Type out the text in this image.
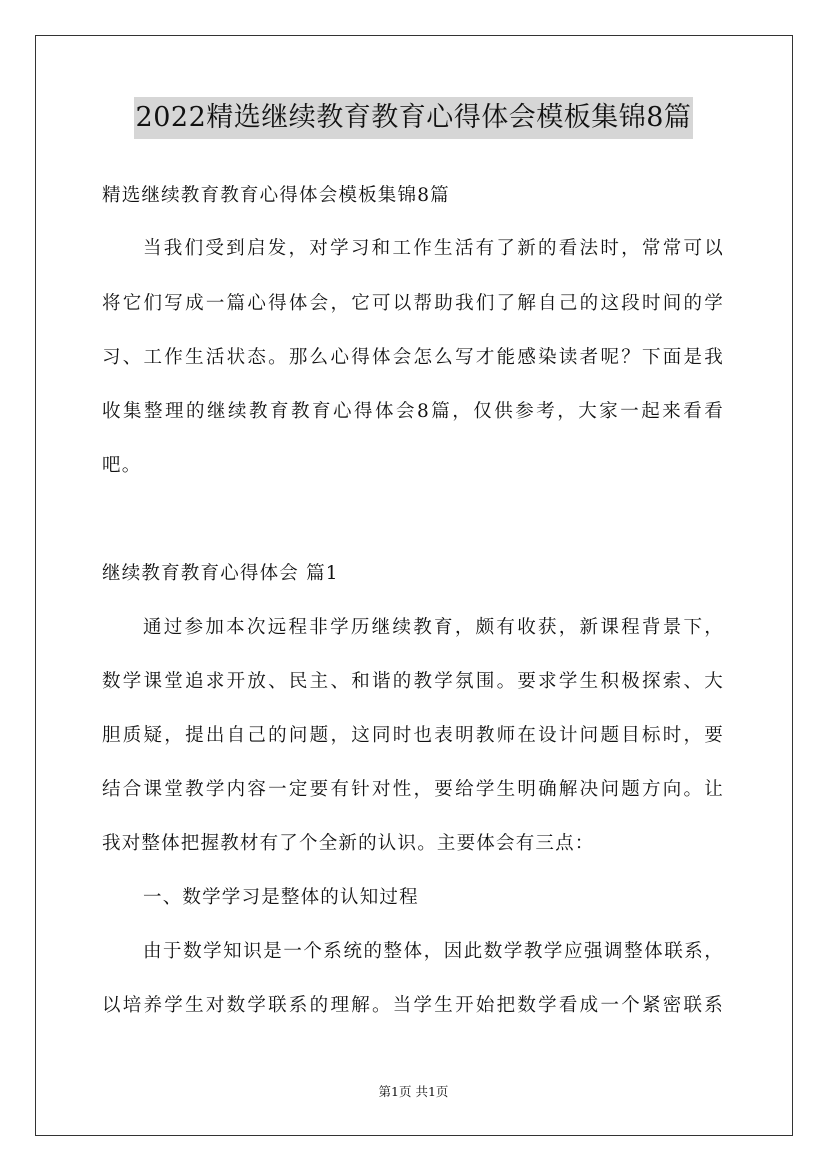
2022精选继续教育教育心得体会模板集锦8篇
精选继续教育教育心得体会模板集锦8篇
当我们受到启发，对学习和工作生活有了新的看法时，常常可以
将它们写成一篇心得体会，它可以帮助我们了解自己的这段时间的学
习、工作生活状态。那么心得体会怎么写才能感染读者呢？下面是我
收集整理的继续教育教育心得体会8篇，仅供参考，大家一起来看看
吧。
继续教育教育心得体会 篇1
通过参加本次远程非学历继续教育，颇有收获，新课程背景下，
数学课堂追求开放、民主、和谐的教学氛围。要求学生积极探索、大
胆质疑，提出自己的问题，这同时也表明教师在设计问题目标时，要
结合课堂教学内容一定要有针对性，要给学生明确解决问题方向。让
我对整体把握教材有了个全新的认识。主要体会有三点：
一、数学学习是整体的认知过程
由于数学知识是一个系统的整体，因此数学教学应强调整体联系，
以培养学生对数学联系的理解。当学生开始把数学看成一个紧密联系
第1页 共1页
